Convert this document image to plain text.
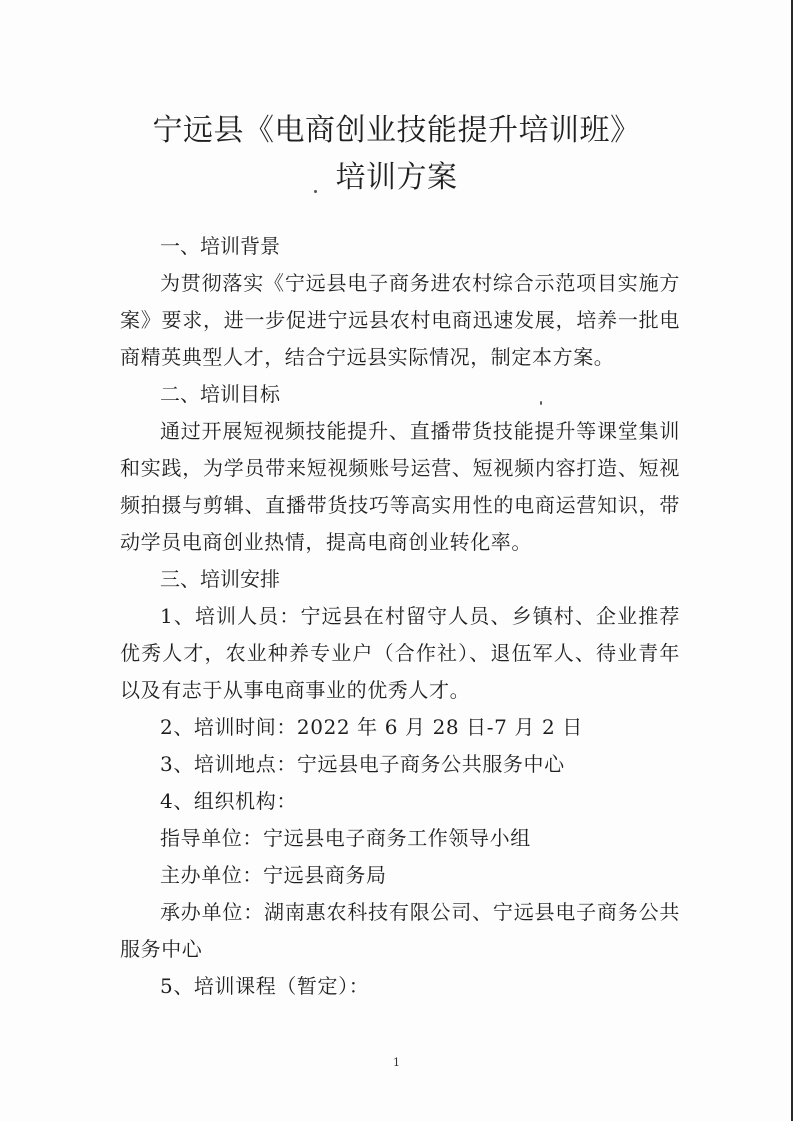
宁远县《电商创业技能提升培训班》
培训方案
一、培训背景
为贯彻落实《宁远县电子商务进农村综合示范项目实施方案》要求，进一步促进宁远县农村电商迅速发展，培养一批电商精英典型人才，结合宁远县实际情况，制定本方案。
二、培训目标
通过开展短视频技能提升、直播带货技能提升等课堂集训和实践，为学员带来短视频账号运营、短视频内容打造、短视频拍摄与剪辑、直播带货技巧等高实用性的电商运营知识，带动学员电商创业热情，提高电商创业转化率。
三、培训安排
1、培训人员：宁远县在村留守人员、乡镇村、企业推荐优秀人才，农业种养专业户（合作社）、退伍军人、待业青年以及有志于从事电商事业的优秀人才。
2、培训时间：2022 年 6 月 28 日-7 月 2 日
3、培训地点：宁远县电子商务公共服务中心
4、组织机构：
指导单位：宁远县电子商务工作领导小组
主办单位：宁远县商务局
承办单位：湖南惠农科技有限公司、宁远县电子商务公共服务中心
5、培训课程（暂定）：
1
